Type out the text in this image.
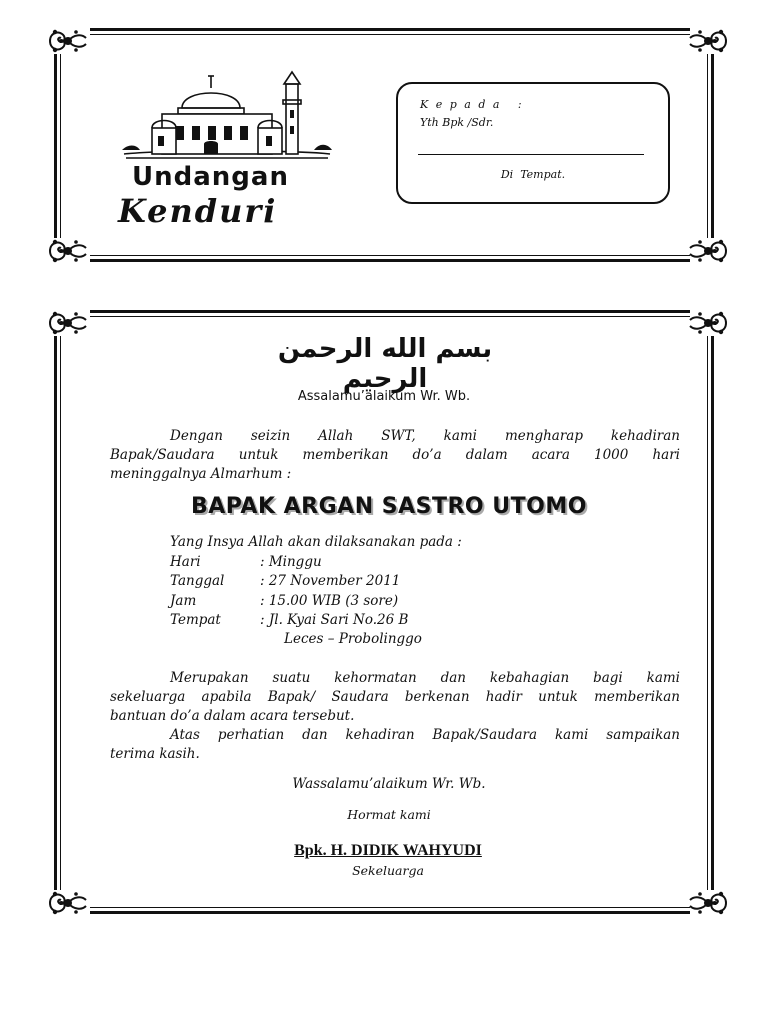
Undangan
Kenduri
K e p a d a   :
Yth Bpk /Sdr.
Di  Tempat.
بسم الله الرحمن الرحيم
Assalamu’alaikum Wr. Wb.
Dengan seizin Allah SWT, kami mengharap kehadiran
Bapak/Saudara untuk memberikan do’a dalam acara 1000 hari
meninggalnya Almarhum :
BAPAK ARGAN SASTRO UTOMO
Yang Insya Allah akan dilaksanakan pada :
Hari	: Minggu
Tanggal	: 27 November 2011
Jam	: 15.00 WIB (3 sore)
Tempat	: Jl. Kyai Sari No.26 B
Leces – Probolinggo
Merupakan suatu kehormatan dan kebahagian bagi kami
sekeluarga apabila Bapak/ Saudara berkenan hadir untuk memberikan
bantuan do’a dalam acara tersebut.
Atas perhatian dan kehadiran Bapak/Saudara kami sampaikan
terima kasih.
Wassalamu’alaikum Wr. Wb.
Hormat kami
Bpk. H. DIDIK WAHYUDI
Sekeluarga
